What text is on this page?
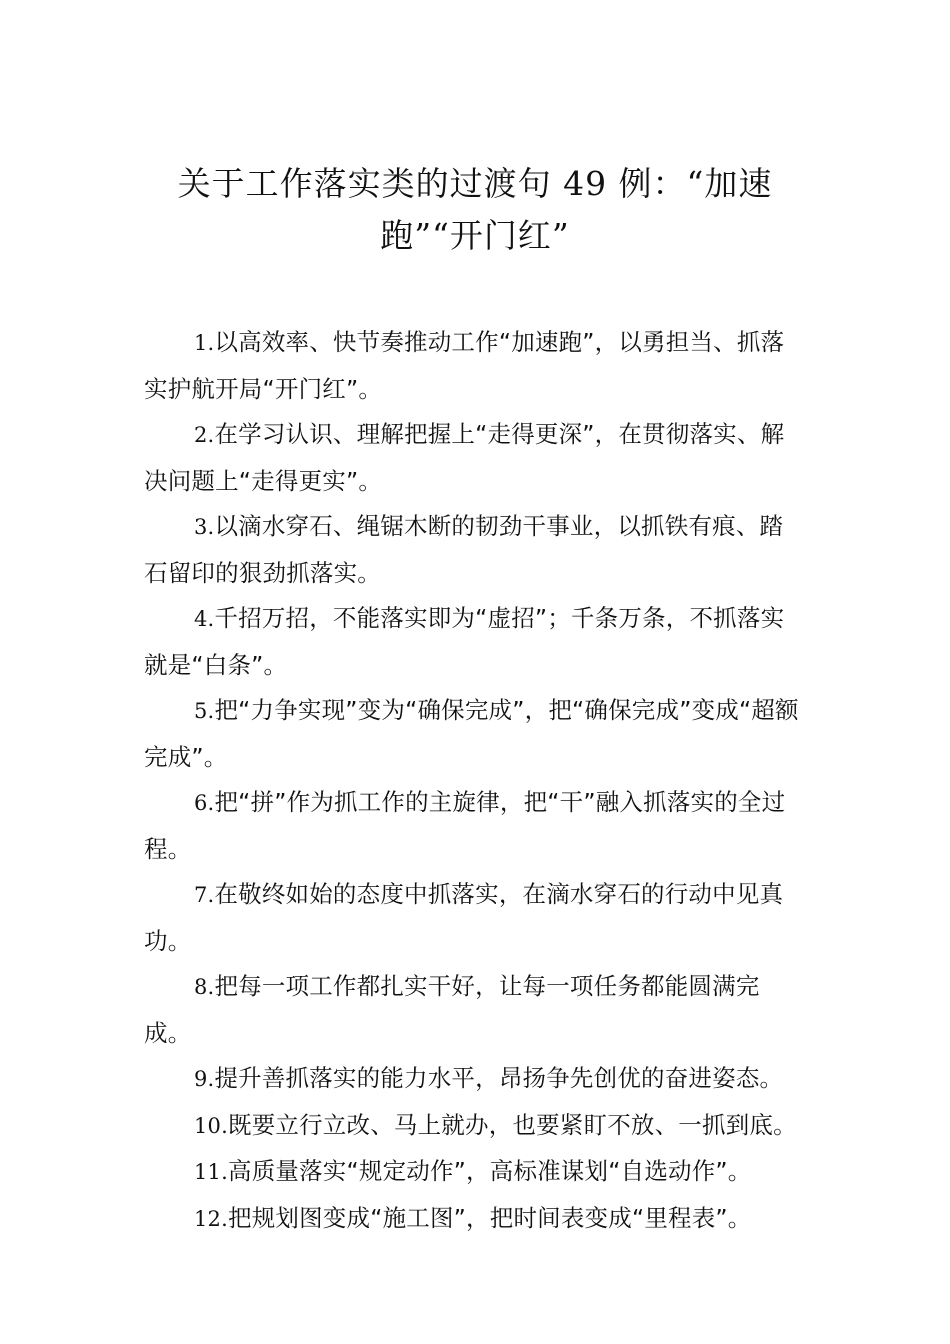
关于工作落实类的过渡句 49 例：“加速跑”“开门红”
1.以高效率、快节奏推动工作“加速跑”，以勇担当、抓落实护航开局“开门红”。
2.在学习认识、理解把握上“走得更深”，在贯彻落实、解决问题上“走得更实”。
3.以滴水穿石、绳锯木断的韧劲干事业，以抓铁有痕、踏石留印的狠劲抓落实。
4.千招万招，不能落实即为“虚招”；千条万条，不抓落实就是“白条”。
5.把“力争实现”变为“确保完成”，把“确保完成”变成“超额完成”。
6.把“拼”作为抓工作的主旋律，把“干”融入抓落实的全过程。
7.在敬终如始的态度中抓落实，在滴水穿石的行动中见真功。
8.把每一项工作都扎实干好，让每一项任务都能圆满完成。
9.提升善抓落实的能力水平，昂扬争先创优的奋进姿态。
10.既要立行立改、马上就办，也要紧盯不放、一抓到底。
11.高质量落实“规定动作”，高标准谋划“自选动作”。
12.把规划图变成“施工图”，把时间表变成“里程表”。
